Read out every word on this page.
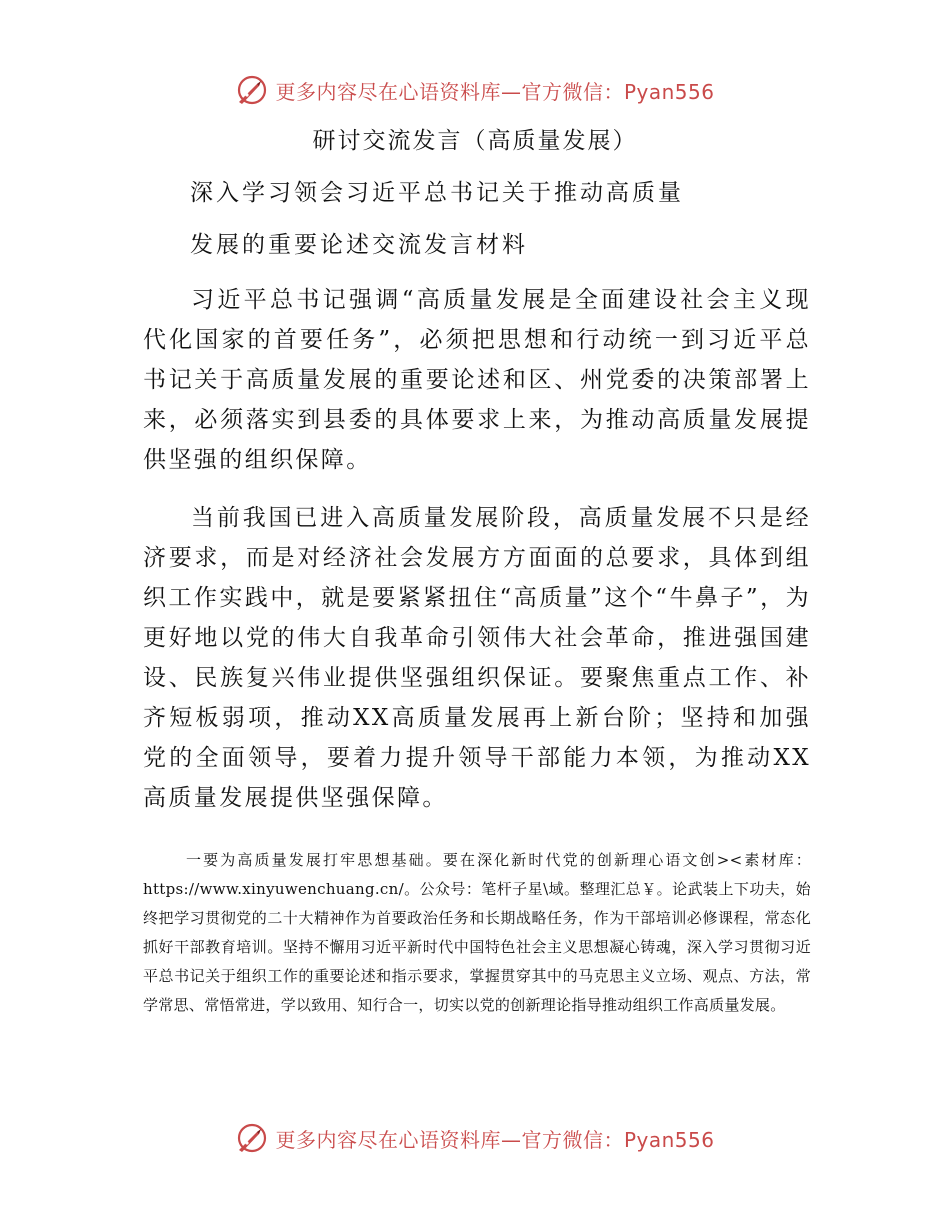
更多内容尽在心语资料库—官方微信：Pyan556
研讨交流发言（高质量发展）
深入学习领会习近平总书记关于推动高质量
发展的重要论述交流发言材料

习近平总书记强调“高质量发展是全面建设社会主义现代化国家的首要任务”，必须把思想和行动统一到习近平总书记关于高质量发展的重要论述和区、州党委的决策部署上来，必须落实到县委的具体要求上来，为推动高质量发展提供坚强的组织保障。

当前我国已进入高质量发展阶段，高质量发展不只是经济要求，而是对经济社会发展方方面面的总要求，具体到组织工作实践中，就是要紧紧扭住“高质量”这个“牛鼻子”，为更好地以党的伟大自我革命引领伟大社会革命，推进强国建设、民族复兴伟业提供坚强组织保证。要聚焦重点工作、补齐短板弱项，推动XX高质量发展再上新台阶；坚持和加强党的全面领导，要着力提升领导干部能力本领，为推动XX高质量发展提供坚强保障。

一要为高质量发展打牢思想基础。要在深化新时代党的创新理心语文创><素材库：https://www.xinyuwenchuang.cn/。公众号：笔杆子星\域。整理汇总￥。论武装上下功夫，始终把学习贯彻党的二十大精神作为首要政治任务和长期战略任务，作为干部培训必修课程，常态化抓好干部教育培训。坚持不懈用习近平新时代中国特色社会主义思想凝心铸魂，深入学习贯彻习近平总书记关于组织工作的重要论述和指示要求，掌握贯穿其中的马克思主义立场、观点、方法，常学常思、常悟常进，学以致用、知行合一，切实以党的创新理论指导推动组织工作高质量发展。

更多内容尽在心语资料库—官方微信：Pyan556
